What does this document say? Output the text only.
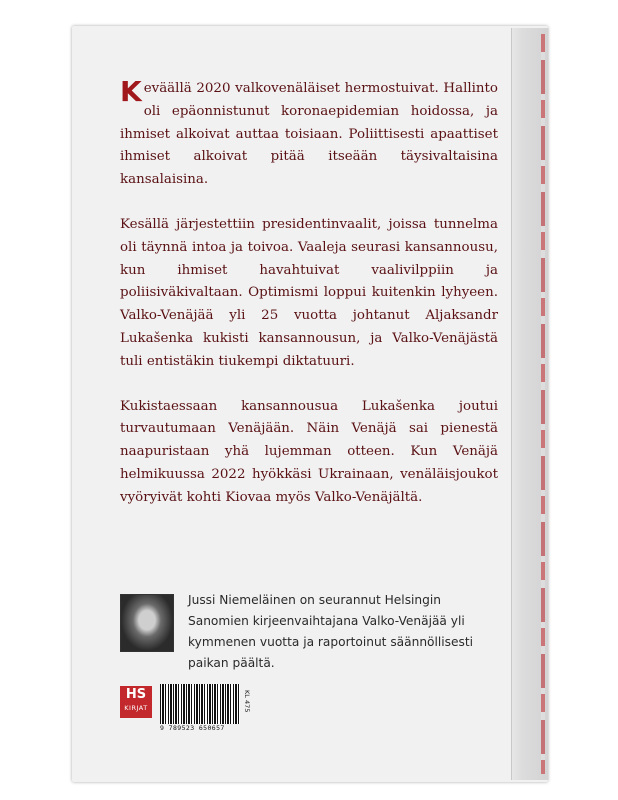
Keväällä 2020 valkovenäläiset hermostuivat. Hallinto oli epäonnistunut koronaepidemian hoidossa, ja ihmiset alkoivat auttaa toisiaan. Poliittisesti apaattiset ihmiset alkoivat pitää itseään täysivaltaisina kansalaisina.

Kesällä järjestettiin presidentinvaalit, joissa tunnelma oli täynnä intoa ja toivoa. Vaaleja seurasi kansannousu, kun ihmiset havahtuivat vaalivilppiin ja poliisiväkivaltaan. Optimismi loppui kuitenkin lyhyeen. Valko-Venäjää yli 25 vuotta johtanut Aljaksandr Lukašenka kukisti kansannousun, ja Valko-Venäjästä tuli entistäkin tiukempi diktatuuri.

Kukistaessaan kansannousua Lukašenka joutui turvautumaan Venäjään. Näin Venäjä sai pienestä naapuristaan yhä lujemman otteen. Kun Venäjä helmikuussa 2022 hyökkäsi Ukrainaan, venäläisjoukot vyöryivät kohti Kiovaa myös Valko-Venäjältä.

Jussi Niemeläinen on seurannut Helsingin Sanomien kirjeenvaihtajana Valko-Venäjää yli kymmenen vuotta ja raportoinut säännöllisesti paikan päältä.
HS
KIRJAT
9 789523 650657
KL 475
